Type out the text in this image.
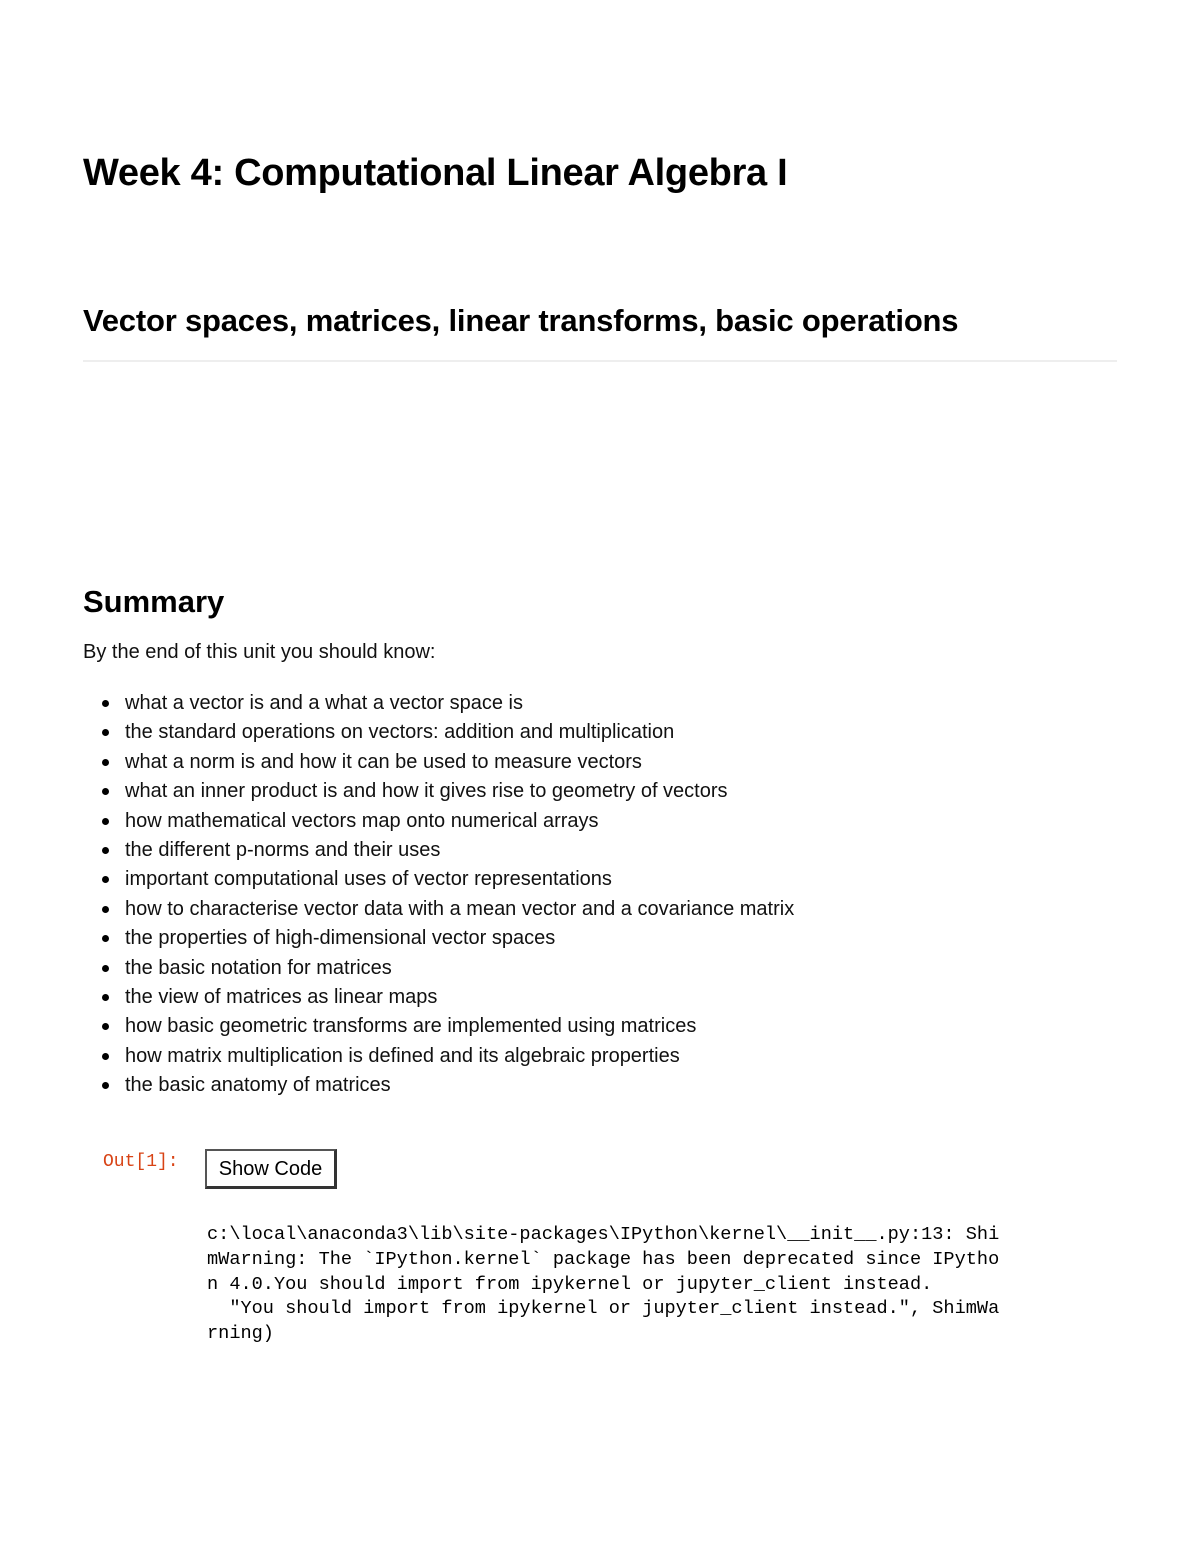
Week 4: Computational Linear Algebra I
Vector spaces, matrices, linear transforms, basic operations
Summary

By the end of this unit you should know:

what a vector is and a what a vector space is
the standard operations on vectors: addition and multiplication
what a norm is and how it can be used to measure vectors
what an inner product is and how it gives rise to geometry of vectors
how mathematical vectors map onto numerical arrays
the different p-norms and their uses
important computational uses of vector representations
how to characterise vector data with a mean vector and a covariance matrix
the properties of high-dimensional vector spaces
the basic notation for matrices
the view of matrices as linear maps
how basic geometric transforms are implemented using matrices
how matrix multiplication is defined and its algebraic properties
the basic anatomy of matrices
Out[1]:	Show Code
c:\local\anaconda3\lib\site-packages\IPython\kernel\__init__.py:13: Shi
mWarning: The `IPython.kernel` package has been deprecated since IPytho
n 4.0.You should import from ipykernel or jupyter_client instead.
"You should import from ipykernel or jupyter_client instead.", ShimWa
rning)
